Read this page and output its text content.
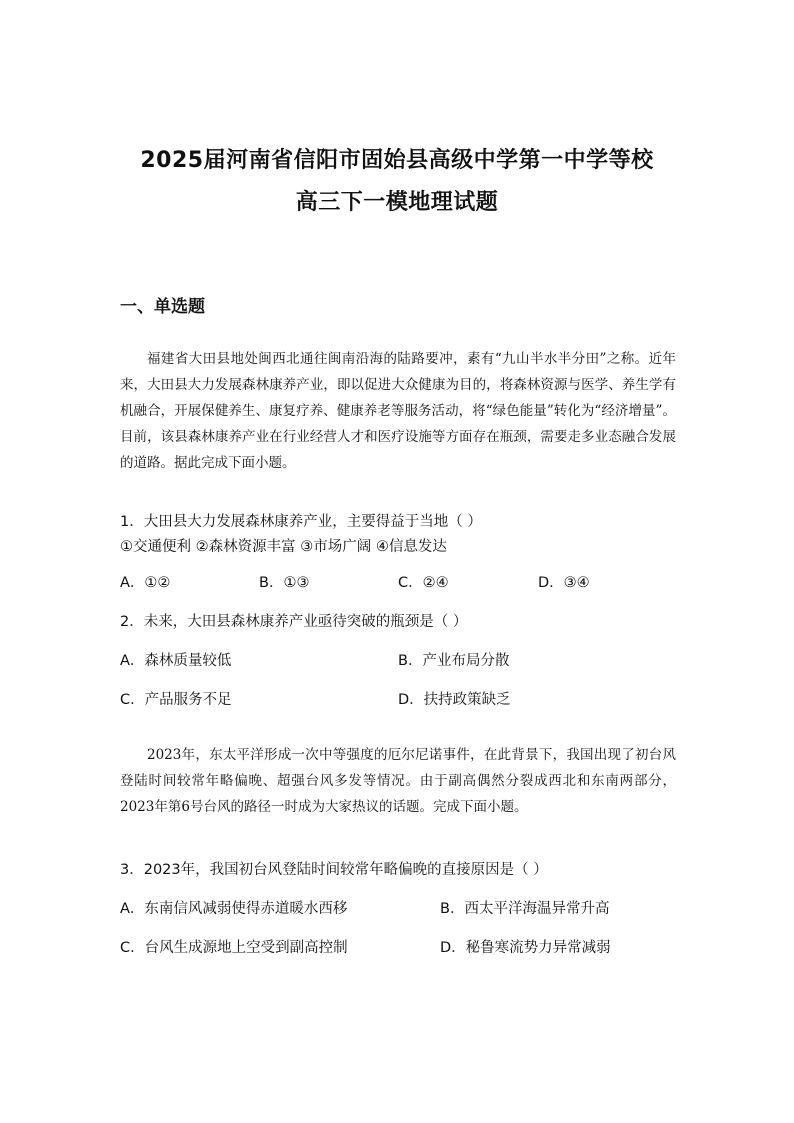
2025届河南省信阳市固始县高级中学第一中学等校
高三下一模地理试题
一、单选题
福建省大田县地处闽西北通往闽南沿海的陆路要冲，素有“九山半水半分田”之称。近年来，大田县大力发展森林康养产业，即以促进大众健康为目的，将森林资源与医学、养生学有机融合，开展保健养生、康复疗养、健康养老等服务活动，将“绿色能量”转化为“经济增量”。目前，该县森林康养产业在行业经营人才和医疗设施等方面存在瓶颈，需要走多业态融合发展的道路。据此完成下面小题。
1．大田县大力发展森林康养产业，主要得益于当地（ ）
①交通便利 ②森林资源丰富 ③市场广阔 ④信息发达
A．①②	B．①③	C．②④	D．③④
2．未来，大田县森林康养产业亟待突破的瓶颈是（ ）
A．森林质量较低	B．产业布局分散
C．产品服务不足	D．扶持政策缺乏
2023年，东太平洋形成一次中等强度的厄尔尼诺事件，在此背景下，我国出现了初台风登陆时间较常年略偏晚、超强台风多发等情况。由于副高偶然分裂成西北和东南两部分，2023年第6号台风的路径一时成为大家热议的话题。完成下面小题。
3．2023年，我国初台风登陆时间较常年略偏晚的直接原因是（ ）
A．东南信风减弱使得赤道暖水西移	B．西太平洋海温异常升高
C．台风生成源地上空受到副高控制	D．秘鲁寒流势力异常减弱
